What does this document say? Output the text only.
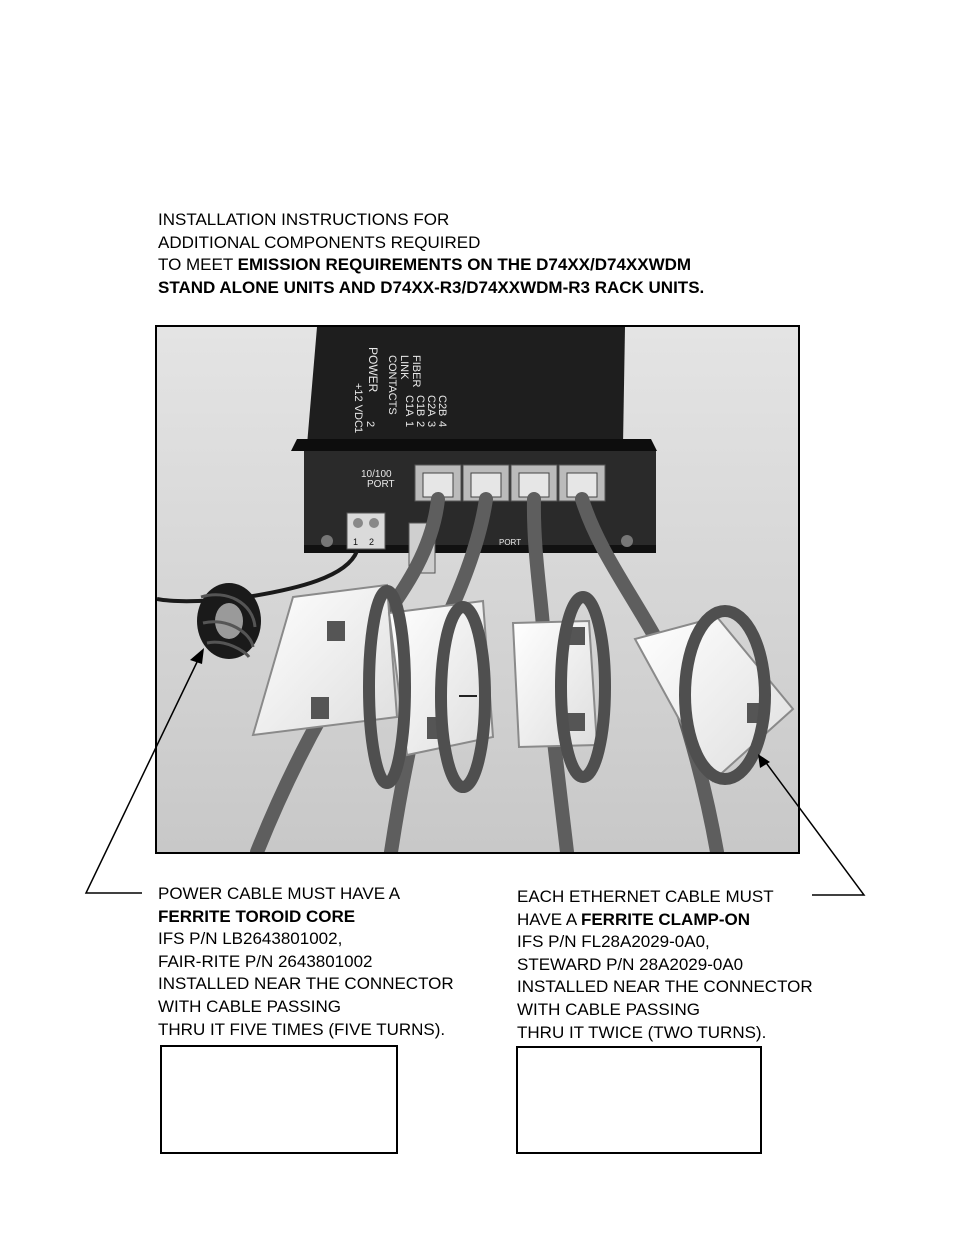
INSTALLATION INSTRUCTIONS FOR
ADDITIONAL COMPONENTS REQUIRED
TO MEET EMISSION REQUIREMENTS ON THE D74XX/D74XXWDM
STAND ALONE UNITS AND D74XX-R3/D74XXWDM-R3 RACK UNITS.
FIBER
LINK
CONTACTS	C2B
C2A
C1B
C1A
4
3
2
1
POWER
+12 VDC 2
1
10/100
PORT
PORT
1 2
POWER CABLE MUST HAVE A
FERRITE TOROID CORE
IFS P/N LB2643801002,
FAIR-RITE P/N 2643801002
INSTALLED NEAR THE CONNECTOR
WITH CABLE PASSING
THRU IT FIVE TIMES (FIVE TURNS).
EACH ETHERNET CABLE MUST
HAVE A FERRITE CLAMP-ON
IFS P/N FL28A2029-0A0,
STEWARD P/N 28A2029-0A0
INSTALLED NEAR THE CONNECTOR
WITH CABLE PASSING
THRU IT TWICE (TWO TURNS).
